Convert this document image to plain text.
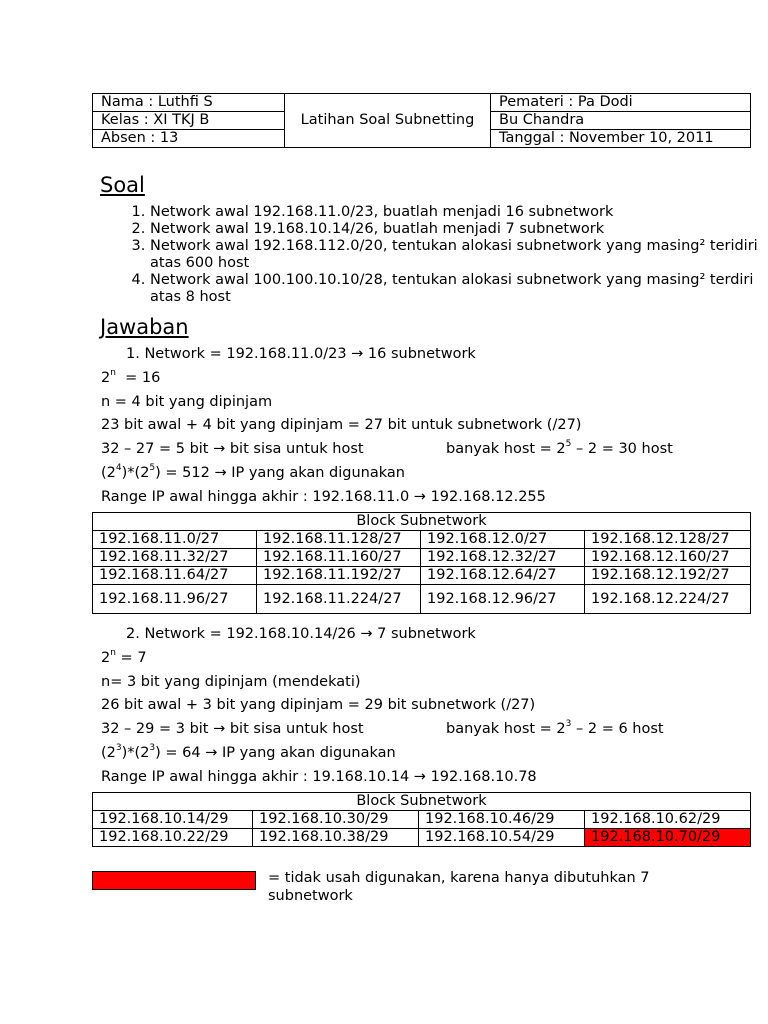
Nama : Luthfi S	Latihan Soal Subnetting	Pemateri : Pa Dodi
Kelas : XI TKJ B		Bu Chandra
Absen : 13		Tanggal : November 10, 2011
Soal
1. Network awal 192.168.11.0/23, buatlah menjadi 16 subnetwork
2. Network awal 19.168.10.14/26, buatlah menjadi 7 subnetwork
3. Network awal 192.168.112.0/20, tentukan alokasi subnetwork yang masing² teridiri atas 600 host
4. Network awal 100.100.10.10/28, tentukan alokasi subnetwork yang masing² terdiri atas 8 host
Jawaban
1. Network = 192.168.11.0/23 → 16 subnetwork
2$^n$  = 16
n = 4 bit yang dipinjam
23 bit awal + 4 bit yang dipinjam = 27 bit untuk subnetwork (/27)
32 – 27 = 5 bit → bit sisa untuk host	banyak host = $2^5 - 2 = 30$ host
$(2^4)*(2^5) = 512$ → IP yang akan digunakan
Range IP awal hingga akhir : 192.168.11.0 → 192.168.12.255
Block Subnetwork			
192.168.11.0/27	192.168.11.128/27	192.168.12.0/27	192.168.12.128/27
192.168.11.32/27	192.168.11.160/27	192.168.12.32/27	192.168.12.160/27
192.168.11.64/27	192.168.11.192/27	192.168.12.64/27	192.168.12.192/27
192.168.11.96/27	192.168.11.224/27	192.168.12.96/27	192.168.12.224/27
2. Network = 192.168.10.14/26 → 7 subnetwork
$2^n = 7$
n= 3 bit yang dipinjam (mendekati)
26 bit awal + 3 bit yang dipinjam = 29 bit subnetwork (/27)
32 – 29 = 3 bit → bit sisa untuk host	banyak host = $2^3 - 2 = 6$ host
$(2^3)*(2^3) = 64$ → IP yang akan digunakan
Range IP awal hingga akhir : 19.168.10.14 → 192.168.10.78
Block Subnetwork			
192.168.10.14/29	192.168.10.30/29	192.168.10.46/29	192.168.10.62/29
192.168.10.22/29	192.168.10.38/29	192.168.10.54/29	192.168.10.70/29
= tidak usah digunakan, karena hanya dibutuhkan 7 subnetwork
